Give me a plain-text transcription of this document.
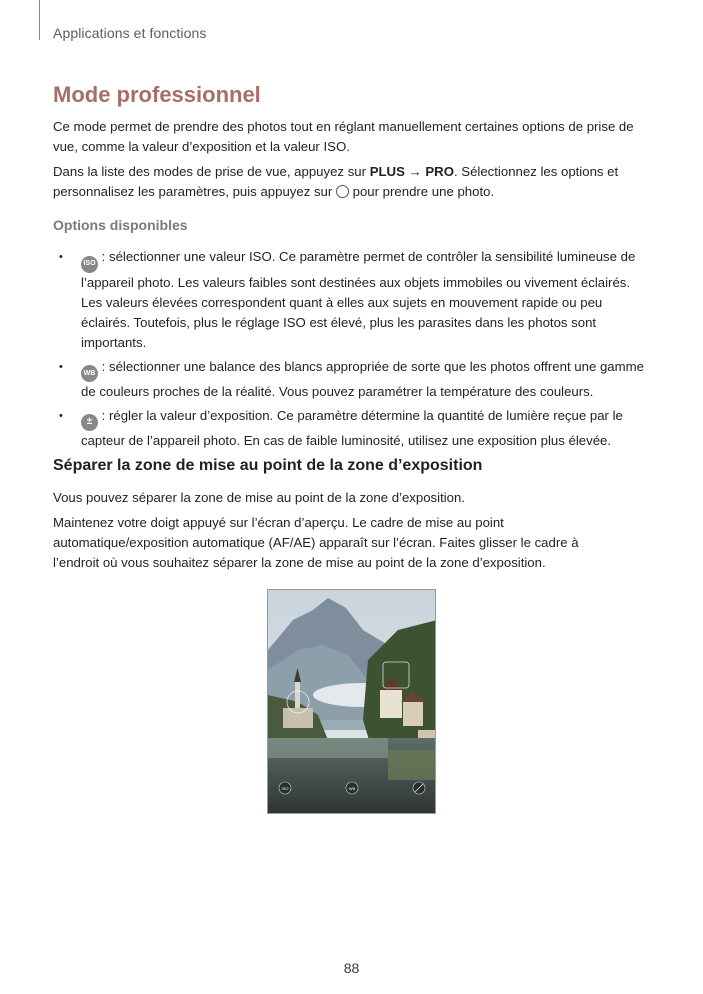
Applications et fonctions
Mode professionnel
Ce mode permet de prendre des photos tout en réglant manuellement certaines options de prise de vue, comme la valeur d’exposition et la valeur ISO.
Dans la liste des modes de prise de vue, appuyez sur PLUS → PRO. Sélectionnez les options et
personnalisez les paramètres, puis appuyez sur  pour prendre une photo.
Options disponibles
•
ISO : sélectionner une valeur ISO. Ce paramètre permet de contrôler la sensibilité lumineuse de l’appareil photo. Les valeurs faibles sont destinées aux objets immobiles ou vivement éclairés. Les valeurs élevées correspondent quant à elles aux sujets en mouvement rapide ou peu éclairés. Toutefois, plus le réglage ISO est élevé, plus les parasites dans les photos sont importants.
•
WB : sélectionner une balance des blancs appropriée de sorte que les photos offrent une gamme de couleurs proches de la réalité. Vous pouvez paramétrer la température des couleurs.
• ± : régler la valeur d’exposition. Ce paramètre détermine la quantité de lumière reçue par le capteur de l’appareil photo. En cas de faible luminosité, utilisez une exposition plus élevée.
Séparer la zone de mise au point de la zone d’exposition
Vous pouvez séparer la zone de mise au point de la zone d’exposition.
Maintenez votre doigt appuyé sur l’écran d’aperçu. Le cadre de mise au point automatique/exposition automatique (AF/AE) apparaît sur l’écran. Faites glisser le cadre à l’endroit où vous souhaitez séparer la zone de mise au point de la zone d’exposition.
ISO	WB
88
